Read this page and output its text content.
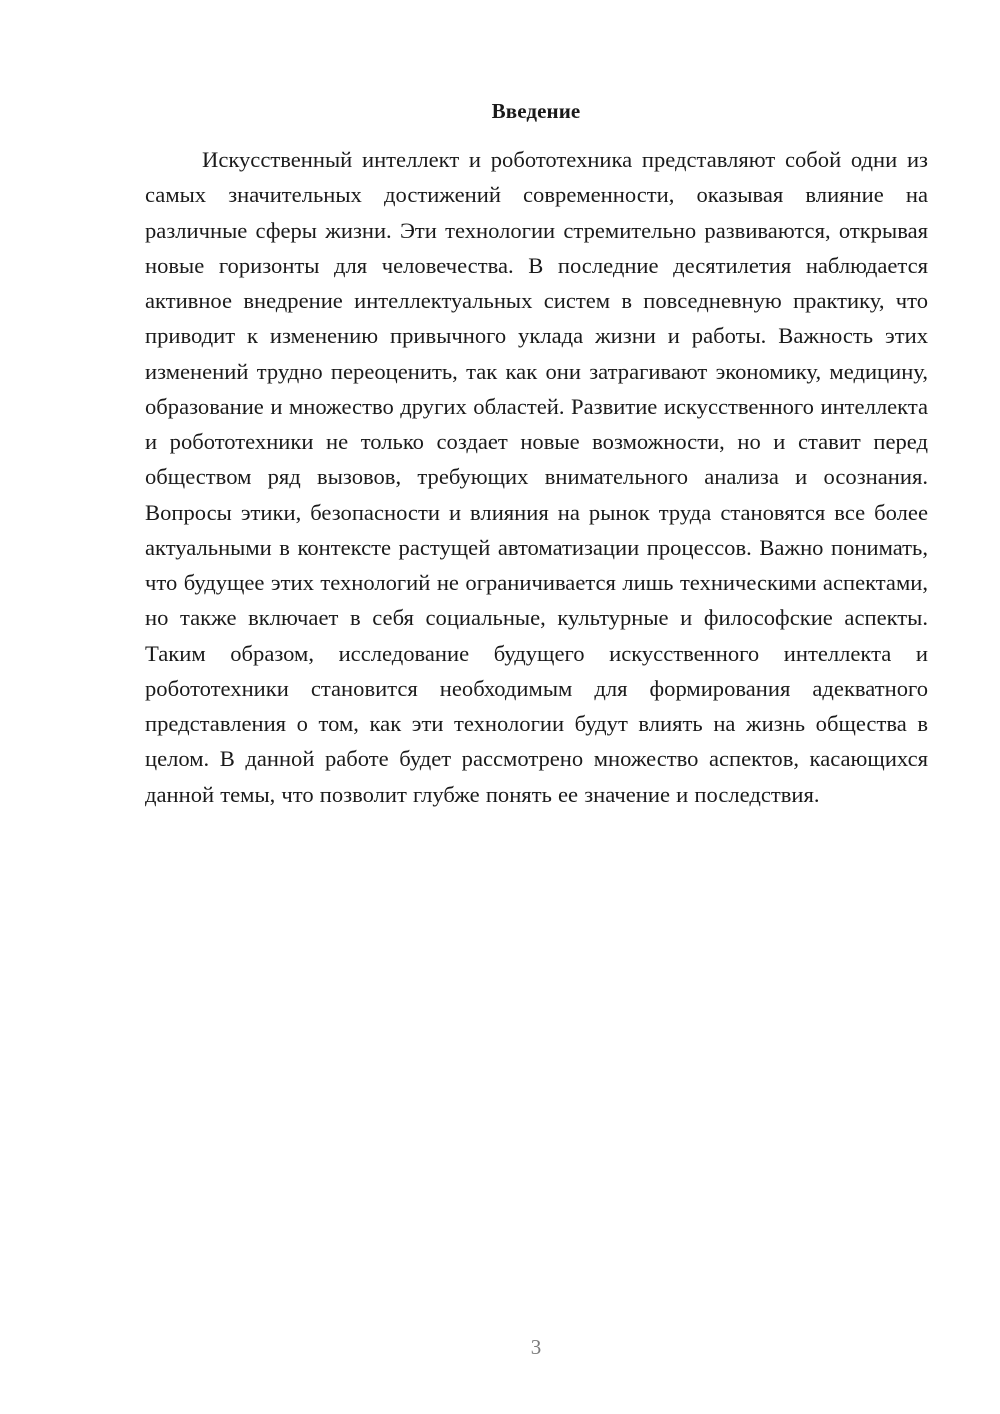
Введение

Искусственный интеллект и робототехника представляют собой одни из самых значительных достижений современности, оказывая влияние на различные сферы жизни. Эти технологии стремительно развиваются, открывая новые горизонты для человечества. В последние десятилетия наблюдается активное внедрение интеллектуальных систем в повседневную практику, что приводит к изменению привычного уклада жизни и работы. Важность этих изменений трудно переоценить, так как они затрагивают экономику, медицину, образование и множество других областей. Развитие искусственного интеллекта и робототехники не только создает новые возможности, но и ставит перед обществом ряд вызовов, требующих внимательного анализа и осознания. Вопросы этики, безопасности и влияния на рынок труда становятся все более актуальными в контексте растущей автоматизации процессов. Важно понимать, что будущее этих технологий не ограничивается лишь техническими аспектами, но также включает в себя социальные, культурные и философские аспекты. Таким образом, исследование будущего искусственного интеллекта и робототехники становится необходимым для формирования адекватного представления о том, как эти технологии будут влиять на жизнь общества в целом. В данной работе будет рассмотрено множество аспектов, касающихся данной темы, что позволит глубже понять ее значение и последствия.

3
